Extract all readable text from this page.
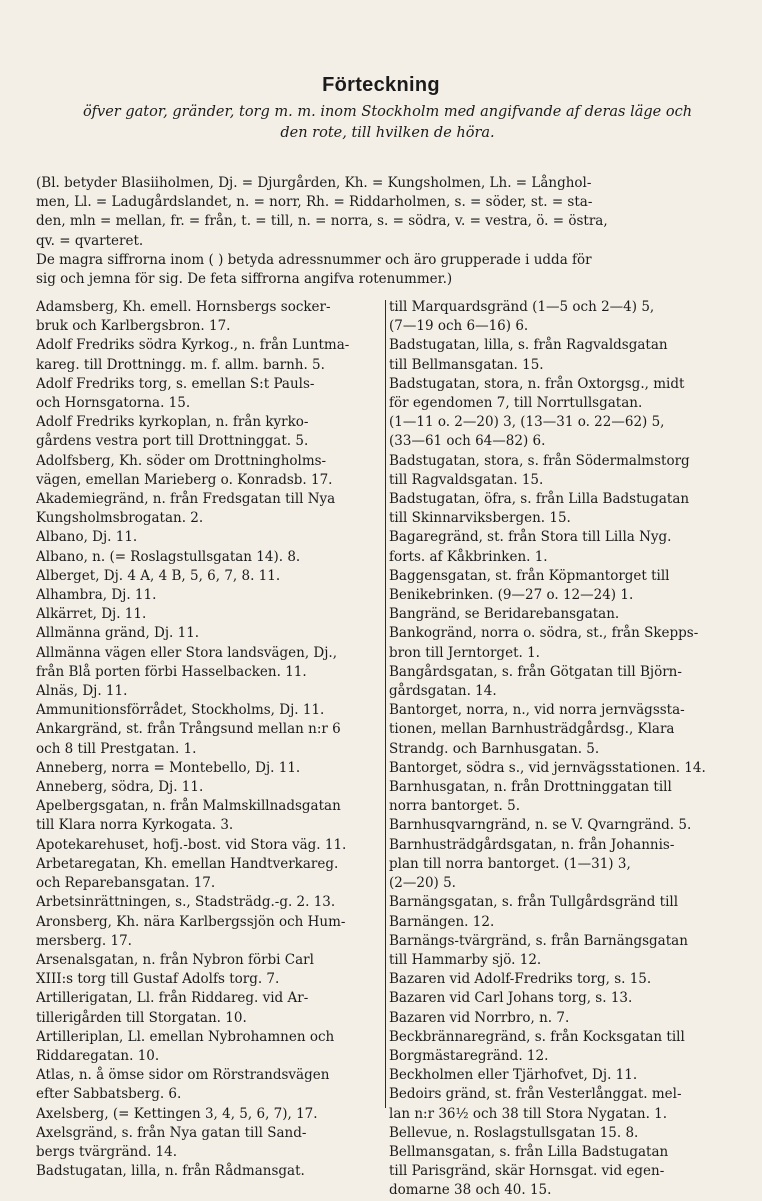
Förteckning
öfver gator, gränder, torg m. m. inom Stockholm med angifvande af deras läge och
den rote, till hvilken de höra.
(Bl. betyder Blasiiholmen, Dj. = Djurgården, Kh. = Kungsholmen, Lh. = Långhol-
men, Ll. = Ladugårdslandet, n. = norr, Rh. = Riddarholmen, s. = söder, st. = sta-
den, mln = mellan, fr. = från, t. = till, n. = norra, s. = södra, v. = vestra, ö. = östra,
qv. = qvarteret.
De magra siffrorna inom ( ) betyda adressnummer och äro grupperade i udda för
sig och jemna för sig. De feta siffrorna angifva rotenummer.)
Adamsberg, Kh. emell. Hornsbergs socker-
bruk och Karlbergsbron. 17.
Adolf Fredriks södra Kyrkog., n. från Luntma-
kareg. till Drottningg. m. f. allm. barnh. 5.
Adolf Fredriks torg, s. emellan S:t Pauls-
och Hornsgatorna. 15.
Adolf Fredriks kyrkoplan, n. från kyrko-
gårdens vestra port till Drottninggat. 5.
Adolfsberg, Kh. söder om Drottningholms-
vägen, emellan Marieberg o. Konradsb. 17.
Akademiegränd, n. från Fredsgatan till Nya
Kungsholmsbrogatan. 2.
Albano, Dj. 11.
Albano, n. (= Roslagstullsgatan 14). 8.
Alberget, Dj. 4 A, 4 B, 5, 6, 7, 8. 11.
Alhambra, Dj. 11.
Alkärret, Dj. 11.
Allmänna gränd, Dj. 11.
Allmänna vägen eller Stora landsvägen, Dj.,
från Blå porten förbi Hasselbacken. 11.
Alnäs, Dj. 11.
Ammunitionsförrådet, Stockholms, Dj. 11.
Ankargränd, st. från Trångsund mellan n:r 6
och 8 till Prestgatan. 1.
Anneberg, norra = Montebello, Dj. 11.
Anneberg, södra, Dj. 11.
Apelbergsgatan, n. från Malmskillnadsgatan
till Klara norra Kyrkogata. 3.
Apotekarehuset, hofj.-bost. vid Stora väg. 11.
Arbetaregatan, Kh. emellan Handtverkareg.
och Reparebansgatan. 17.
Arbetsinrättningen, s., Stadsträdg.-g. 2. 13.
Aronsberg, Kh. nära Karlbergssjön och Hum-
mersberg. 17.
Arsenalsgatan, n. från Nybron förbi Carl
XIII:s torg till Gustaf Adolfs torg. 7.
Artillerigatan, Ll. från Riddareg. vid Ar-
tillerigården till Storgatan. 10.
Artilleriplan, Ll. emellan Nybrohamnen och
Riddaregatan. 10.
Atlas, n. å ömse sidor om Rörstrandsvägen
efter Sabbatsberg. 6.
Axelsberg, (= Kettingen 3, 4, 5, 6, 7), 17.
Axelsgränd, s. från Nya gatan till Sand-
bergs tvärgränd. 14.
Badstugatan, lilla, n. från Rådmansgat.
till Marquardsgränd (1—5 och 2—4) 5,
(7—19 och 6—16) 6.
Badstugatan, lilla, s. från Ragvaldsgatan
till Bellmansgatan. 15.
Badstugatan, stora, n. från Oxtorgsg., midt
för egendomen 7, till Norrtullsgatan.
(1—11 o. 2—20) 3, (13—31 o. 22—62) 5,
(33—61 och 64—82) 6.
Badstugatan, stora, s. från Södermalmstorg
till Ragvaldsgatan. 15.
Badstugatan, öfra, s. från Lilla Badstugatan
till Skinnarviksbergen. 15.
Bagaregränd, st. från Stora till Lilla Nyg.
forts. af Kåkbrinken. 1.
Baggensgatan, st. från Köpmantorget till
Benikebrinken. (9—27 o. 12—24) 1.
Bangränd, se Beridarebansgatan.
Bankogränd, norra o. södra, st., från Skepps-
bron till Jerntorget. 1.
Bangårdsgatan, s. från Götgatan till Björn-
gårdsgatan. 14.
Bantorget, norra, n., vid norra jernvägssta-
tionen, mellan Barnhusträdgårdsg., Klara
Strandg. och Barnhusgatan. 5.
Bantorget, södra s., vid jernvägsstationen. 14.
Barnhusgatan, n. från Drottninggatan till
norra bantorget. 5.
Barnhusqvarngränd, n. se V. Qvarngränd. 5.
Barnhusträdgårdsgatan, n. från Johannis-
plan till norra bantorget. (1—31) 3,
(2—20) 5.
Barnängsgatan, s. från Tullgårdsgränd till
Barnängen. 12.
Barnängs-tvärgränd, s. från Barnängsgatan
till Hammarby sjö. 12.
Bazaren vid Adolf-Fredriks torg, s. 15.
Bazaren vid Carl Johans torg, s. 13.
Bazaren vid Norrbro, n. 7.
Beckbrännaregränd, s. från Kocksgatan till
Borgmästaregränd. 12.
Beckholmen eller Tjärhofvet, Dj. 11.
Bedoirs gränd, st. från Vesterlånggat. mel-
lan n:r 36½ och 38 till Stora Nygatan. 1.
Bellevue, n. Roslagstullsgatan 15. 8.
Bellmansgatan, s. från Lilla Badstugatan
till Parisgränd, skär Hornsgat. vid egen-
domarne 38 och 40. 15.
